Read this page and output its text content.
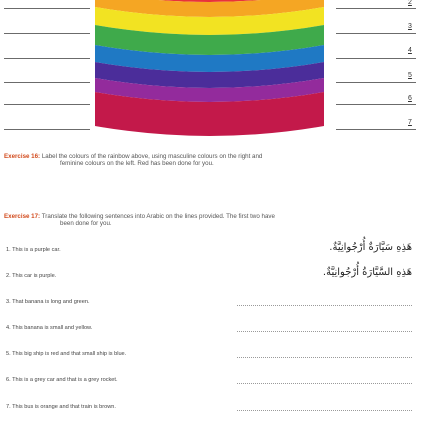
2
3
4
5
6
7
Exercise 16: Label the colours of the rainbow above, using masculine colours on the right and
feminine colours on the left. Red has been done for you.
Exercise 17: Translate the following sentences into Arabic on the lines provided. The first two have
been done for you.
1. This is a purple car.	هَذِهِ سَيَّارَةٌ أُرْجُوانِيَّةٌ.
2. This car is purple.	هَذِهِ السَّيَّارَةُ أُرْجُوانِيَّةٌ.
3. That banana is long and green.
4. This banana is small and yellow.
5. This big ship is red and that small ship is blue.
6. This is a grey car and that is a grey rocket.
7. This bus is orange and that train is brown.
